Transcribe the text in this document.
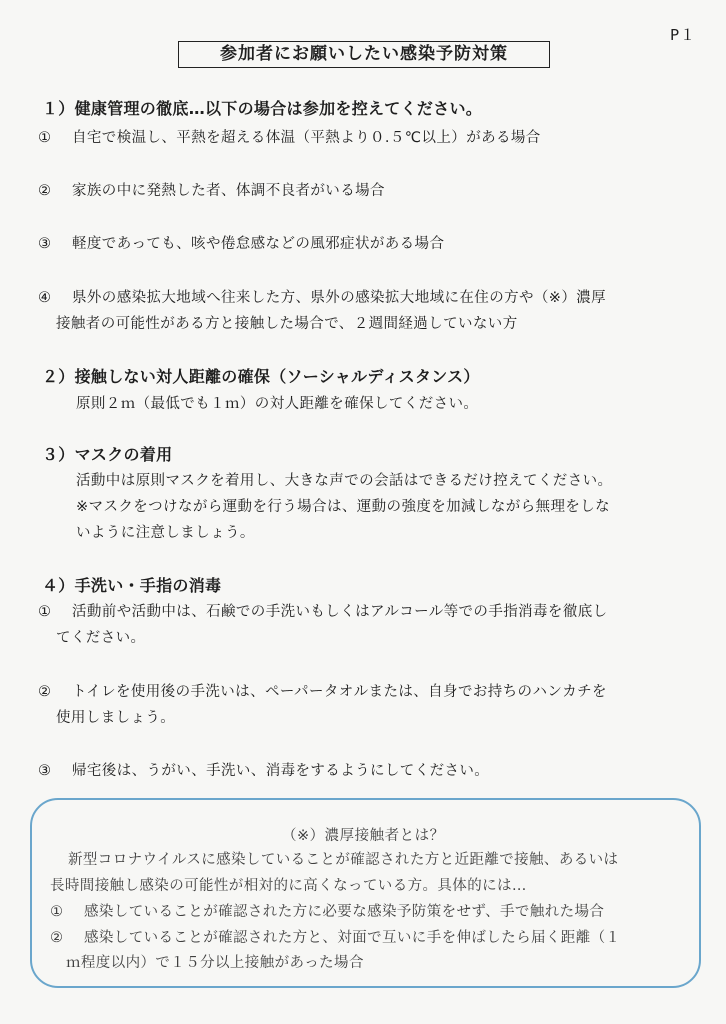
P１
参加者にお願いしたい感染予防対策
１）健康管理の徹底…以下の場合は参加を控えてください。
① 自宅で検温し、平熱を超える体温（平熱より０.５℃以上）がある場合
② 家族の中に発熱した者、体調不良者がいる場合
③ 軽度であっても、咳や倦怠感などの風邪症状がある場合
④ 県外の感染拡大地域へ往来した方、県外の感染拡大地域に在住の方や（※）濃厚
接触者の可能性がある方と接触した場合で、２週間経過していない方
２）接触しない対人距離の確保（ソーシャルディスタンス）
原則２ｍ（最低でも１ｍ）の対人距離を確保してください。
３）マスクの着用
活動中は原則マスクを着用し、大きな声での会話はできるだけ控えてください。
※マスクをつけながら運動を行う場合は、運動の強度を加減しながら無理をしな
いように注意しましょう。
４）手洗い・手指の消毒
① 活動前や活動中は、石鹸での手洗いもしくはアルコール等での手指消毒を徹底し
てください。
② トイレを使用後の手洗いは、ペーパータオルまたは、自身でお持ちのハンカチを
使用しましょう。
③ 帰宅後は、うがい、手洗い、消毒をするようにしてください。
（※）濃厚接触者とは？
新型コロナウイルスに感染していることが確認された方と近距離で接触、あるいは
長時間接触し感染の可能性が相対的に高くなっている方。具体的には…
① 感染していることが確認された方に必要な感染予防策をせず、手で触れた場合
② 感染していることが確認された方と、対面で互いに手を伸ばしたら届く距離（１
ｍ程度以内）で１５分以上接触があった場合
